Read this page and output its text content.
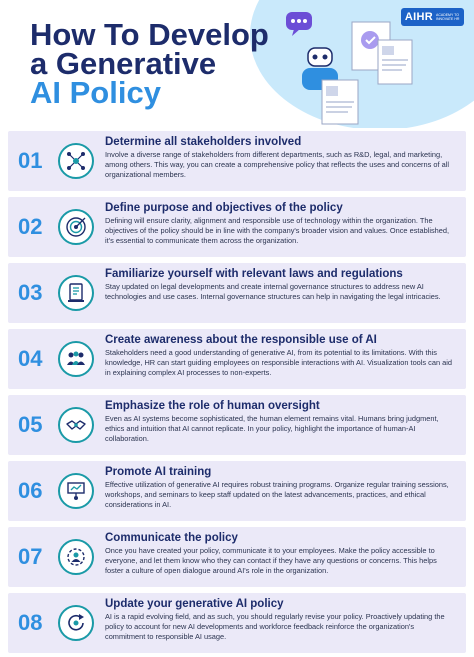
How To Develop
a Generative
AI Policy
AIHR ACADEMY TO INNOVATE HR
01

Determine all stakeholders involved

Involve a diverse range of stakeholders from different departments, such as R&D, legal, and marketing, among others. This way, you can create a comprehensive policy that reflects the uses and concerns of all organizational members.

02

Define purpose and objectives of the policy

Defining will ensure clarity, alignment and responsible use of technology within the organization. The objectives of the policy should be in line with the company's broader vision and values. Once established, it's essential to communicate them across the organization.

03

Familiarize yourself with relevant laws and regulations

Stay updated on legal developments and create internal governance structures to address new AI technologies and use cases. Internal governance structures can help in navigating the legal intricacies.

04

Create awareness about the responsible use of AI

Stakeholders need a good understanding of generative AI, from its potential to its limitations. With this knowledge, HR can start guiding employees on responsible interactions with AI. Visualization tools can aid in explaining complex AI processes to non-experts.

05

Emphasize the role of human oversight

Even as AI systems become sophisticated, the human element remains vital. Humans bring judgment, ethics and intuition that AI cannot replicate. In your policy, highlight the importance of human-AI collaboration.

06

Promote AI training

Effective utilization of generative AI requires robust training programs. Organize regular training sessions, workshops, and seminars to keep staff updated on the latest advancements, practices, and ethical considerations in AI.

07

Communicate the policy

Once you have created your policy, communicate it to your employees. Make the policy accessible to everyone, and let them know who they can contact if they have any questions or concerns. This helps foster a culture of open dialogue around AI's role in the organization.

08

Update your generative AI policy

AI is a rapid evolving field, and as such, you should regularly revise your policy. Proactively updating the policy to account for new AI developments and workforce feedback reinforce the organization's commitment to responsible AI usage.
